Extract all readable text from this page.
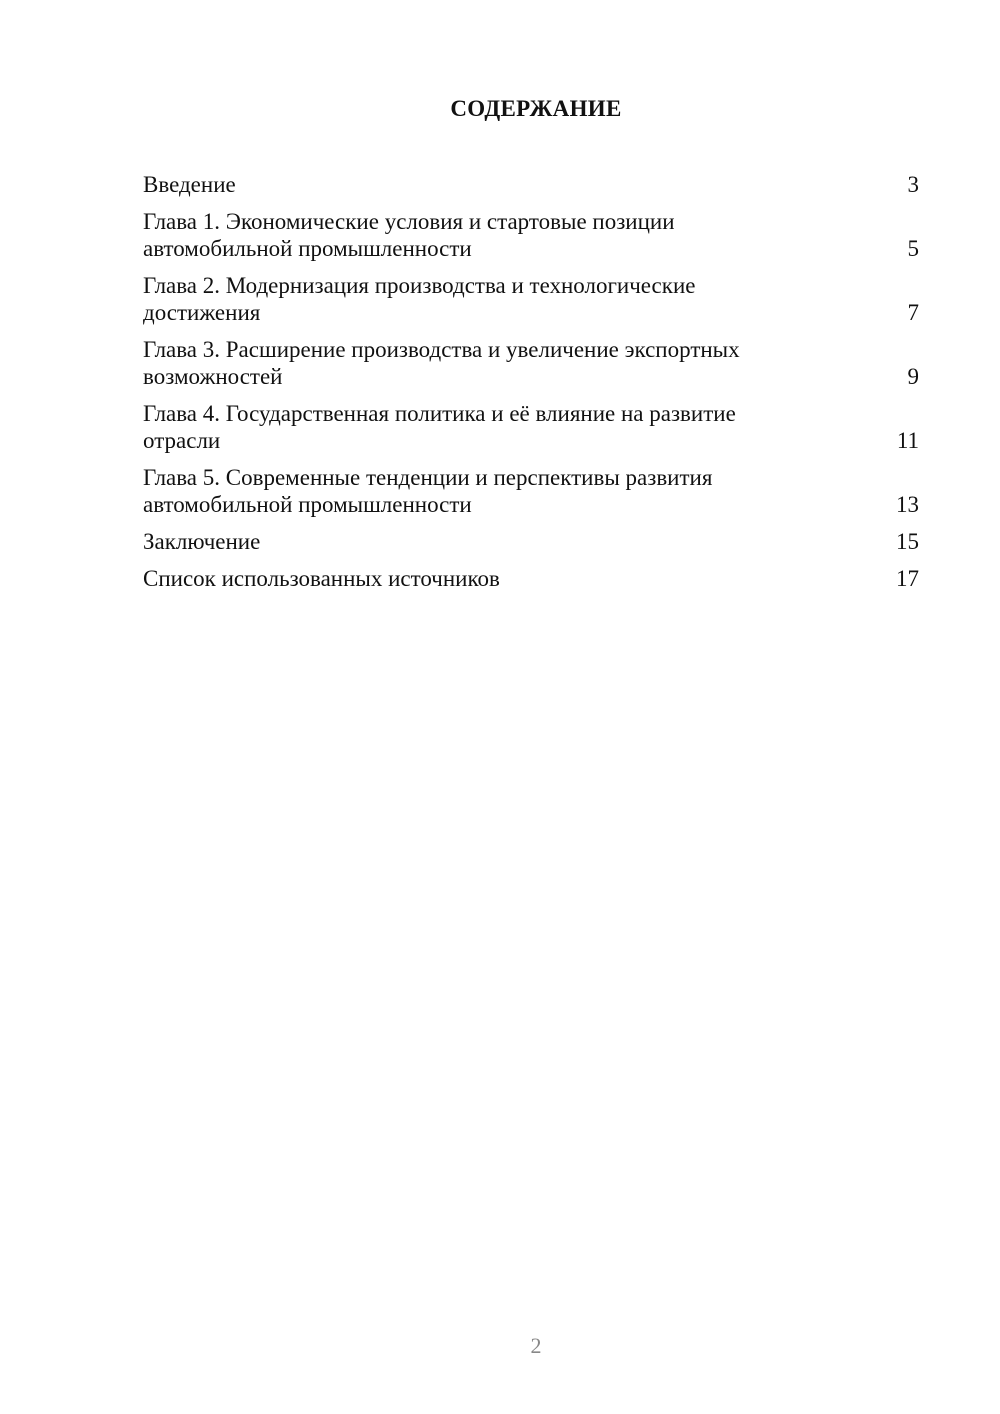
СОДЕРЖАНИЕ
Введение	3
Глава 1. Экономические условия и стартовые позиции
автомобильной промышленности	5
Глава 2. Модернизация производства и технологические
достижения	7
Глава 3. Расширение производства и увеличение экспортных
возможностей	9
Глава 4. Государственная политика и её влияние на развитие
отрасли	11
Глава 5. Современные тенденции и перспективы развития
автомобильной промышленности	13
Заключение	15
Список использованных источников	17
2
